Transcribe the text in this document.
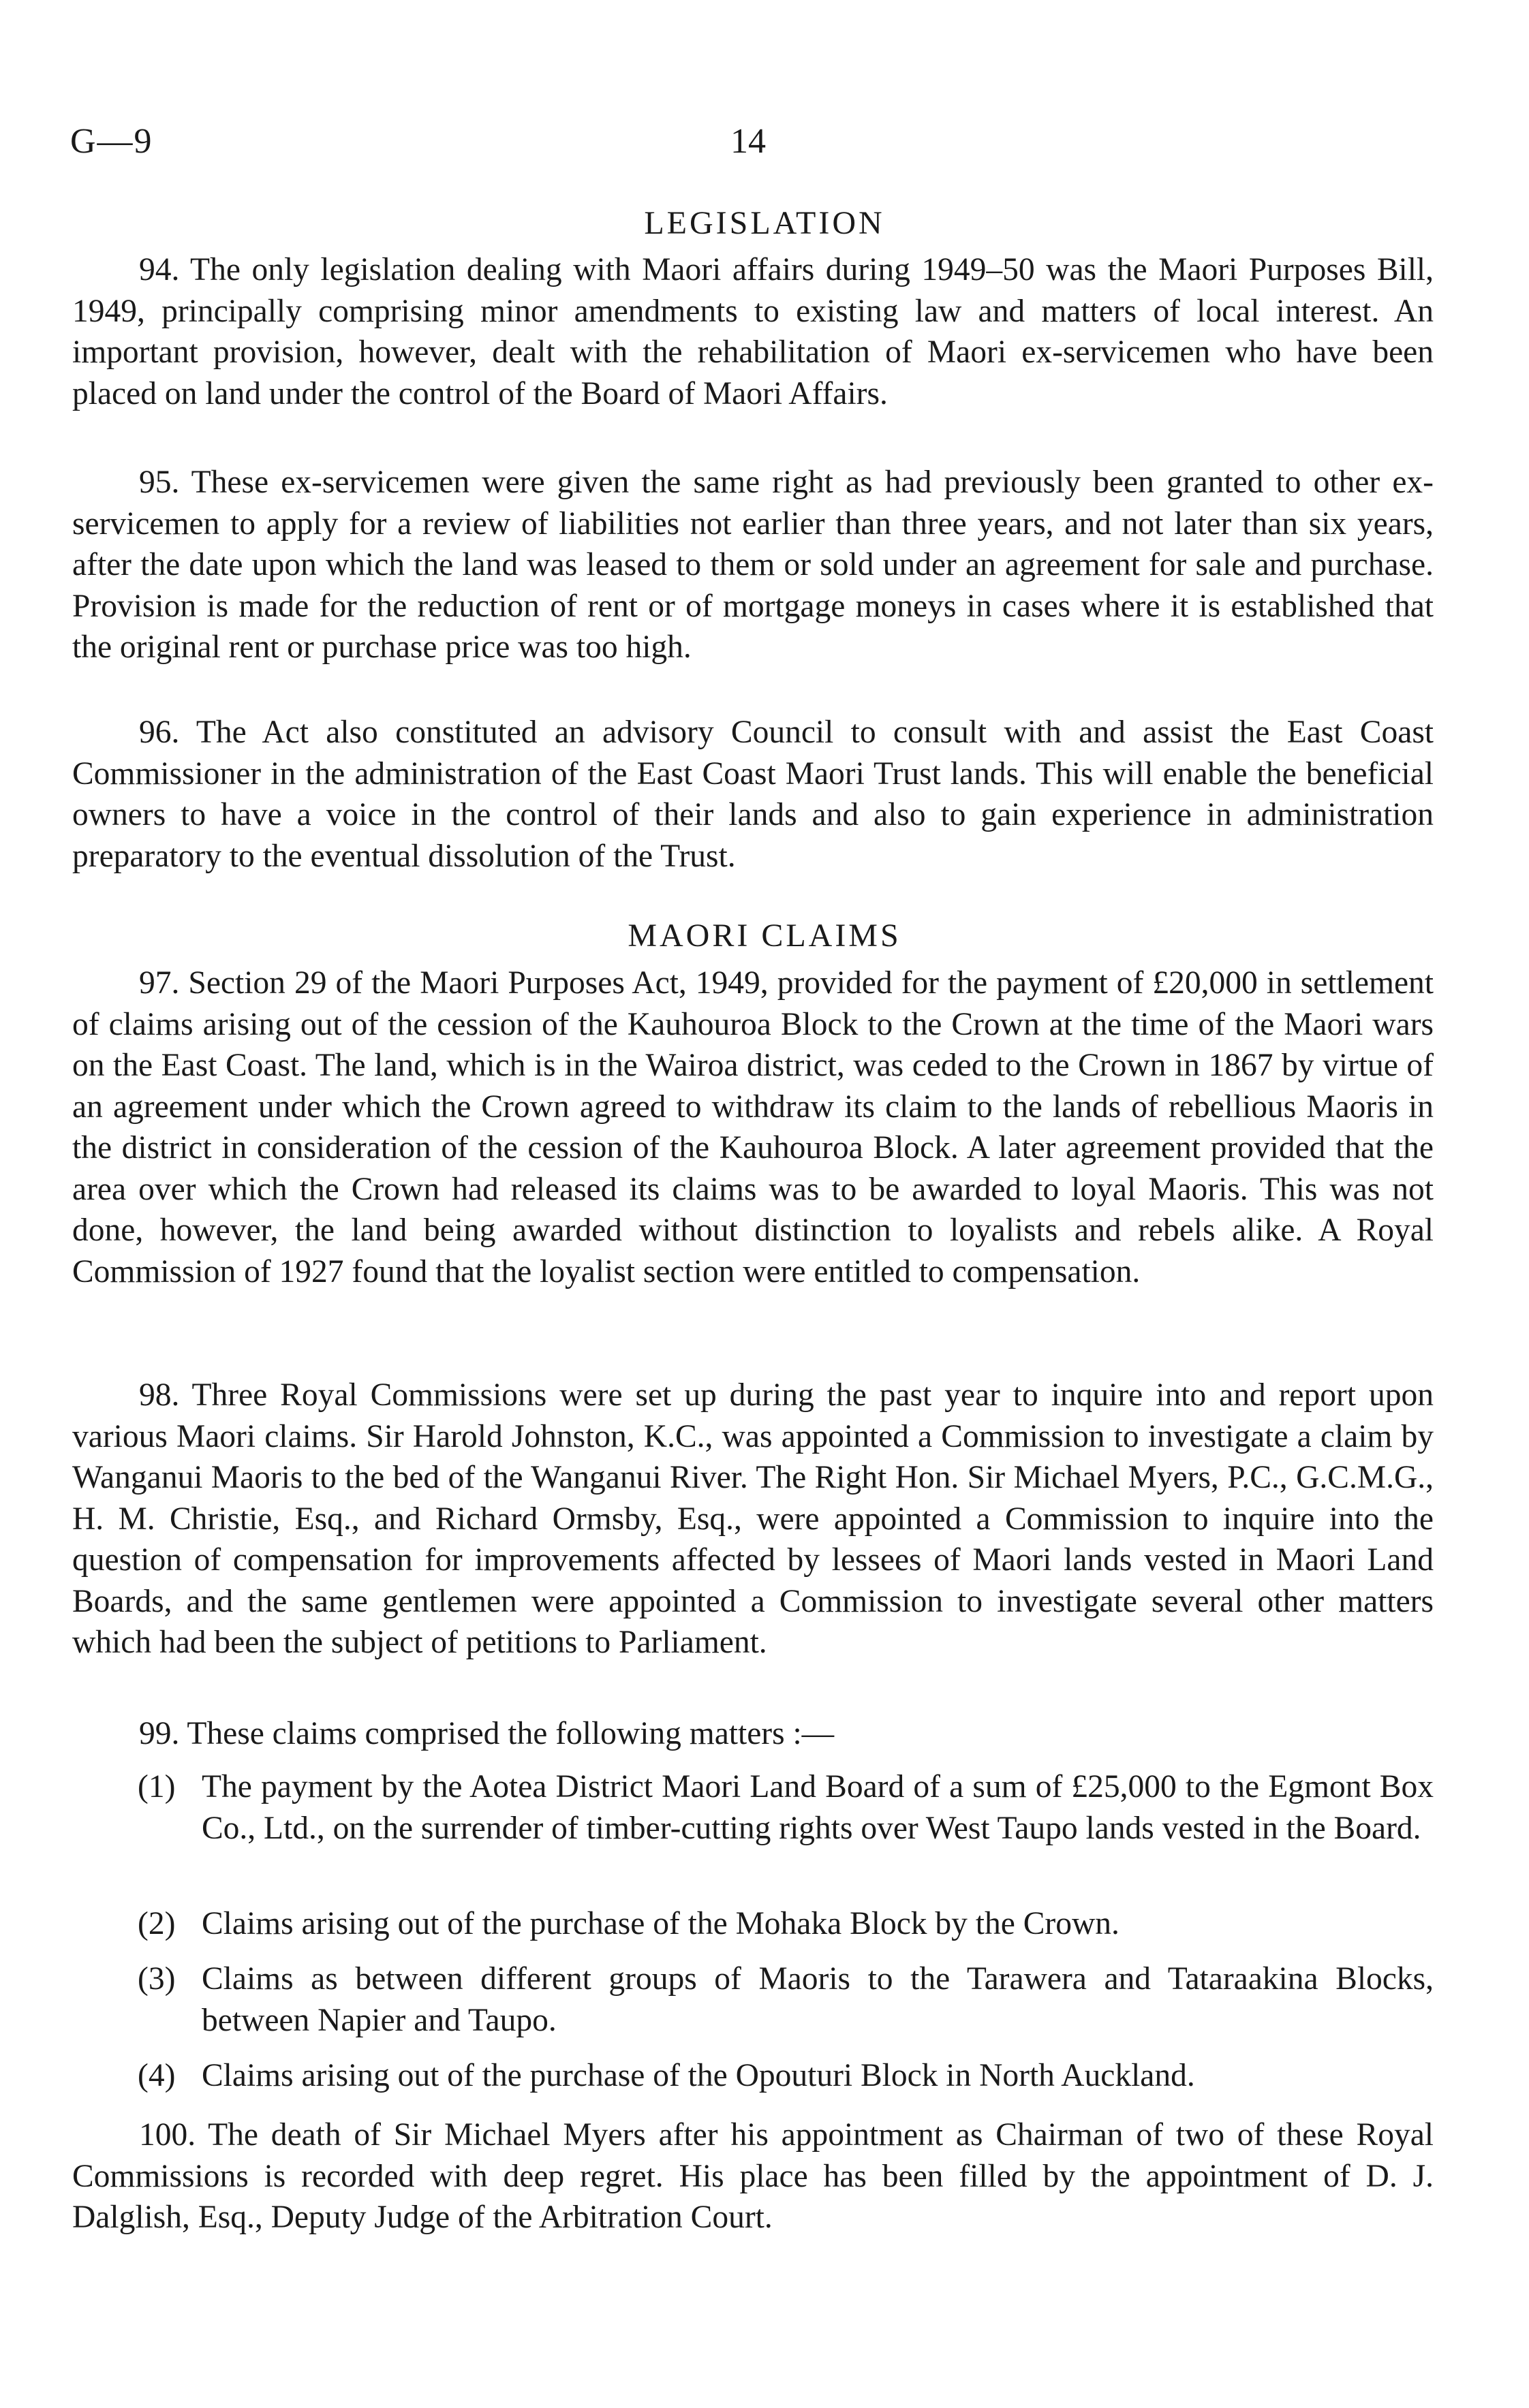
G—9	14
LEGISLATION

94. The only legislation dealing with Maori affairs during 1949–50 was the Maori Purposes Bill, 1949, principally comprising minor amendments to existing law and matters of local interest. An important provision, however, dealt with the rehabilitation of Maori ex-servicemen who have been placed on land under the control of the Board of Maori Affairs.

95. These ex-servicemen were given the same right as had previously been granted to other ex-servicemen to apply for a review of liabilities not earlier than three years, and not later than six years, after the date upon which the land was leased to them or sold under an agreement for sale and purchase. Provision is made for the reduction of rent or of mortgage moneys in cases where it is established that the original rent or purchase price was too high.

96. The Act also constituted an advisory Council to consult with and assist the East Coast Commissioner in the administration of the East Coast Maori Trust lands. This will enable the beneficial owners to have a voice in the control of their lands and also to gain experience in administration preparatory to the eventual dissolution of the Trust.

MAORI CLAIMS

97. Section 29 of the Maori Purposes Act, 1949, provided for the payment of £20,000 in settlement of claims arising out of the cession of the Kauhouroa Block to the Crown at the time of the Maori wars on the East Coast. The land, which is in the Wairoa district, was ceded to the Crown in 1867 by virtue of an agreement under which the Crown agreed to withdraw its claim to the lands of rebellious Maoris in the district in consideration of the cession of the Kauhouroa Block. A later agreement provided that the area over which the Crown had released its claims was to be awarded to loyal Maoris. This was not done, however, the land being awarded without distinction to loyalists and rebels alike. A Royal Commission of 1927 found that the loyalist section were entitled to compensation.

98. Three Royal Commissions were set up during the past year to inquire into and report upon various Maori claims. Sir Harold Johnston, K.C., was appointed a Commission to investigate a claim by Wanganui Maoris to the bed of the Wanganui River. The Right Hon. Sir Michael Myers, P.C., G.C.M.G., H. M. Christie, Esq., and Richard Ormsby, Esq., were appointed a Commission to inquire into the question of compensation for improvements affected by lessees of Maori lands vested in Maori Land Boards, and the same gentlemen were appointed a Commission to investigate several other matters which had been the subject of petitions to Parliament.

99. These claims comprised the following matters :—

(1) The payment by the Aotea District Maori Land Board of a sum of £25,000 to the Egmont Box Co., Ltd., on the surrender of timber-cutting rights over West Taupo lands vested in the Board.

(2) Claims arising out of the purchase of the Mohaka Block by the Crown.

(3) Claims as between different groups of Maoris to the Tarawera and Tataraakina Blocks, between Napier and Taupo.

(4) Claims arising out of the purchase of the Opouturi Block in North Auckland.

100. The death of Sir Michael Myers after his appointment as Chairman of two of these Royal Commissions is recorded with deep regret. His place has been filled by the appointment of D. J. Dalglish, Esq., Deputy Judge of the Arbitration Court.
